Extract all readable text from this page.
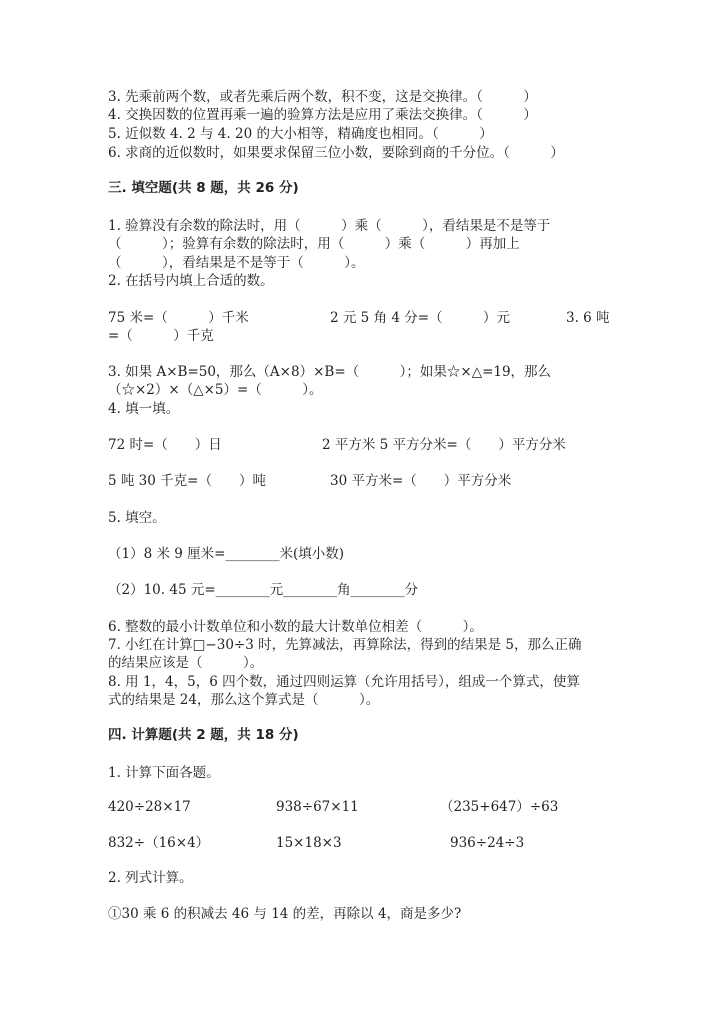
3. 先乘前两个数，或者先乘后两个数，积不变，这是交换律。（　　　）
4. 交换因数的位置再乘一遍的验算方法是应用了乘法交换律。（　　　）
5. 近似数 4. 2 与 4. 20 的大小相等，精确度也相同。（　　　）
6. 求商的近似数时，如果要求保留三位小数，要除到商的千分位。（　　　）
三. 填空题(共 8 题，共 26 分)
1. 验算没有余数的除法时，用（　　　）乘（　　　），看结果是不是等于
（　　　）；验算有余数的除法时，用（　　　）乘（　　　）再加上
（　　　），看结果是不是等于（　　　）。
2. 在括号内填上合适的数。
75 米=（　　　）千米	2 元 5 角 4 分=（　　　）元	3. 6 吨
=（　　　）千克
3. 如果 A×B=50，那么（A×8）×B=（　　　）；如果☆×△=19，那么
（☆×2）×（△×5）=（　　　）。
4. 填一填。
72 时=（　　）日	2 平方米 5 平方分米=（　　）平方分米
5 吨 30 千克=（　　）吨	30 平方米=（　　）平方分米
5. 填空。
（1）8 米 9 厘米=________米(填小数)
（2）10. 45 元=________元________角________分
6. 整数的最小计数单位和小数的最大计数单位相差（　　　）。
7. 小红在计算□−30÷3 时，先算减法，再算除法，得到的结果是 5，那么正确
的结果应该是（　　　）。
8. 用 1，4，5，6 四个数，通过四则运算（允许用括号），组成一个算式，使算
式的结果是 24，那么这个算式是（　　　）。
四. 计算题(共 2 题，共 18 分)
1. 计算下面各题。
420÷28×17	938÷67×11	（235+647）÷63
832÷（16×4）	15×18×3	936÷24÷3
2. 列式计算。
①30 乘 6 的积减去 46 与 14 的差，再除以 4，商是多少?
